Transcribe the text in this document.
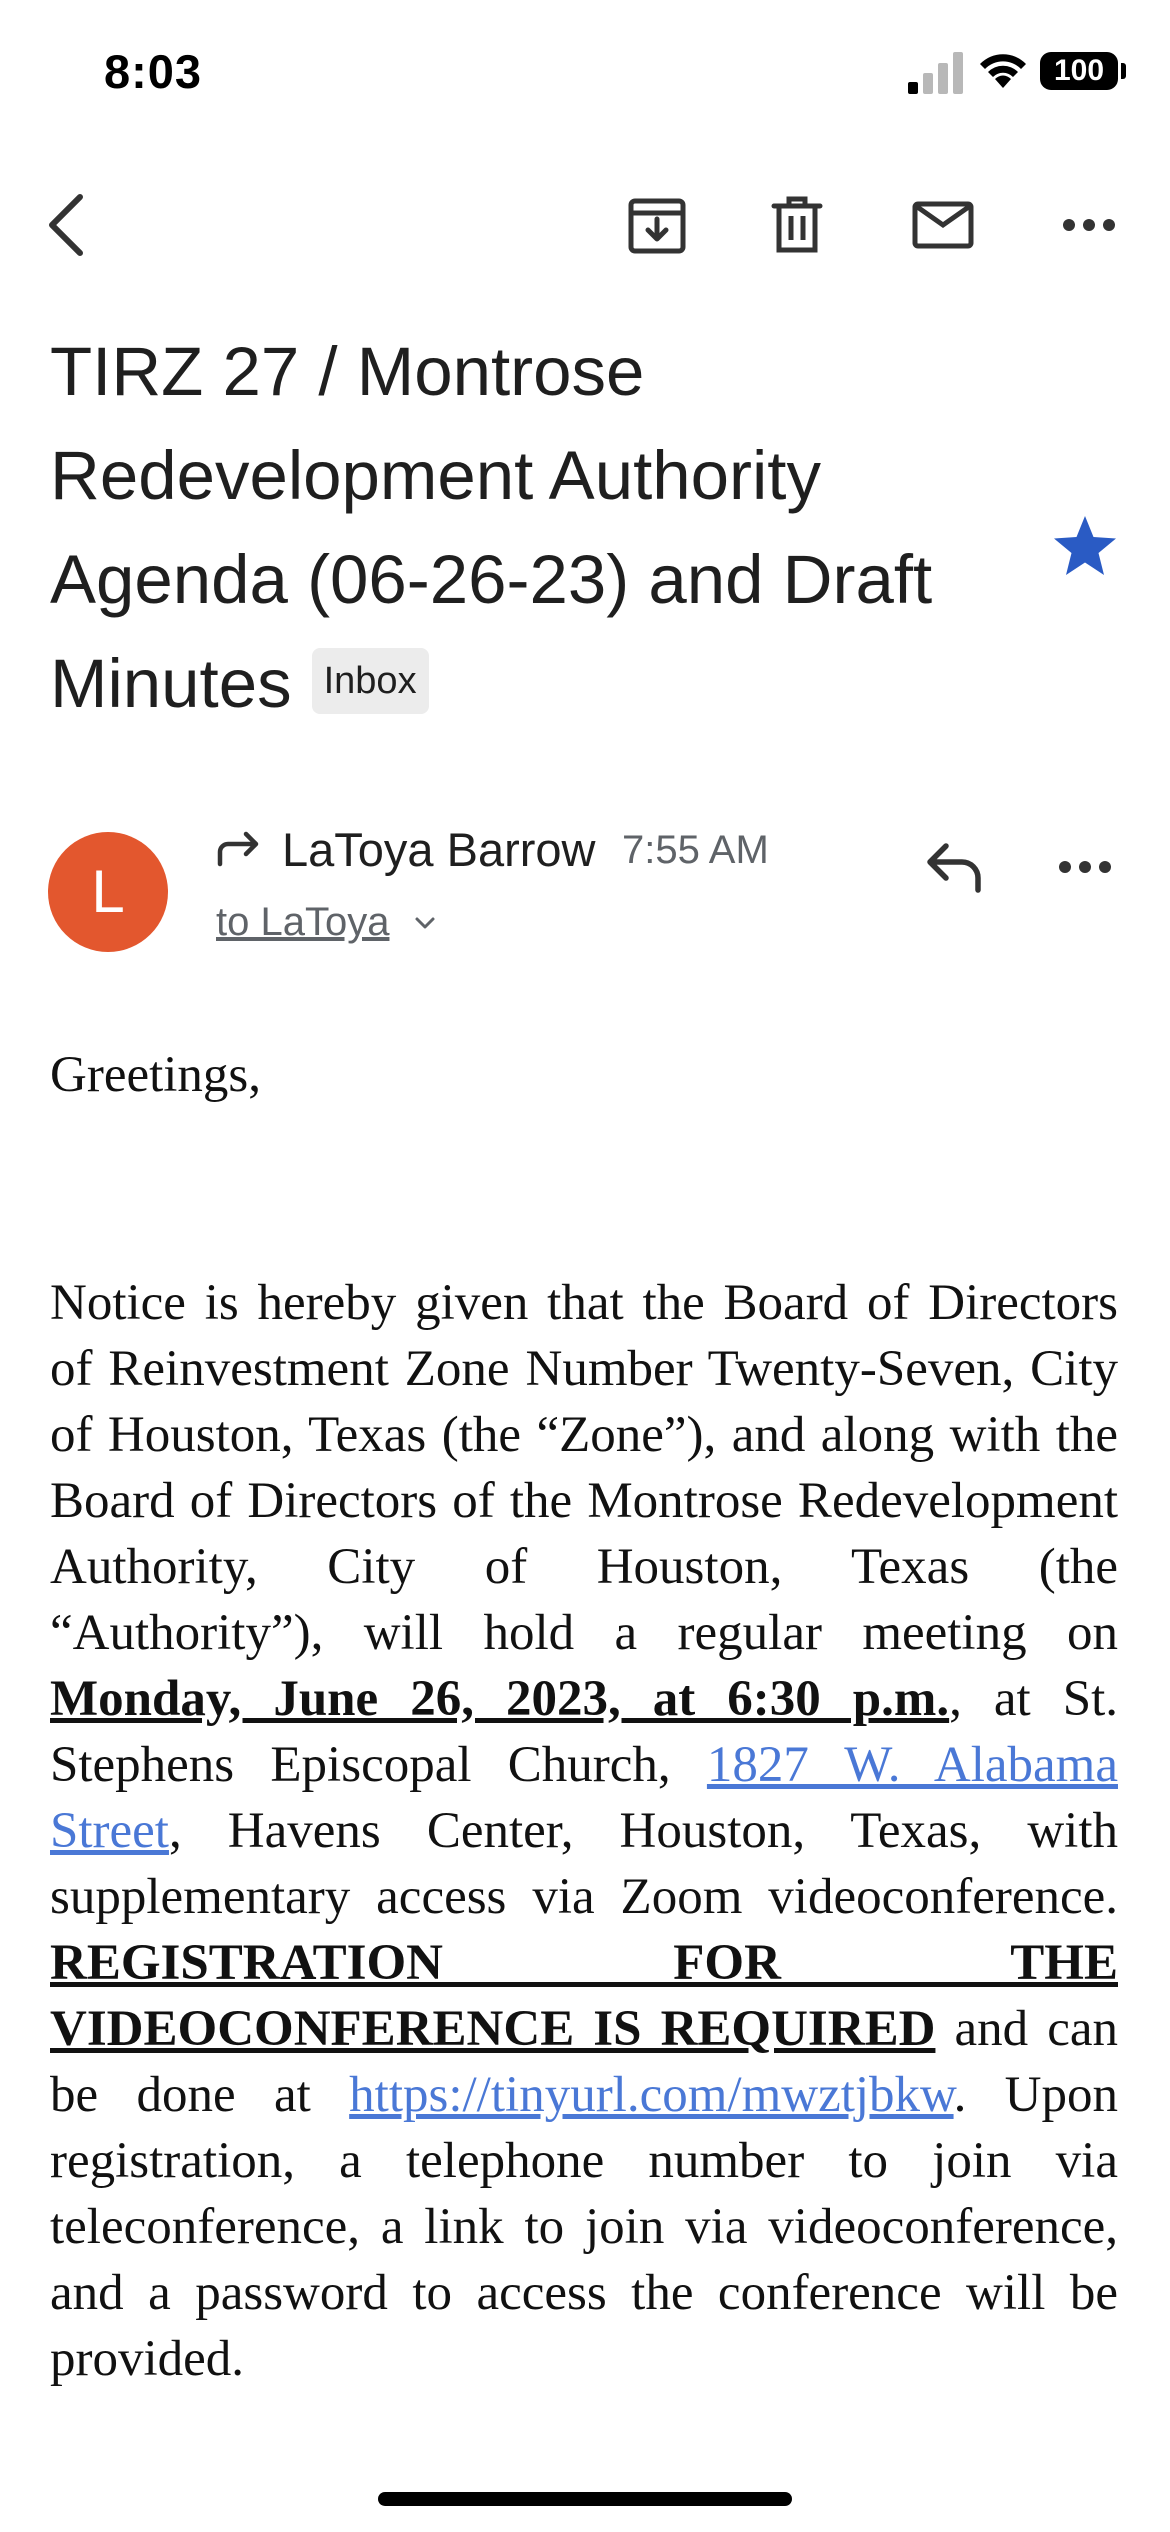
8:03	100
TIRZ 27 / Montrose Redevelopment Authority Agenda (06-26-23) and Draft Minutes Inbox
L
LaToya Barrow 7:55 AM
to LaToya

Greetings,

Notice is hereby given that the Board of Directors of Reinvestment Zone Number Twenty-Seven, City of Houston, Texas (the “Zone”), and along with the Board of Directors of the Montrose Redevelopment Authority, City of Houston, Texas (the “Authority”), will hold a regular meeting on Monday, June 26, 2023, at 6:30 p.m., at St. Stephens Episcopal Church, 1827 W. Alabama Street, Havens Center, Houston, Texas, with supplementary access via Zoom videoconference. REGISTRATION FOR THE VIDEOCONFERENCE IS REQUIRED and can be done at https://tinyurl.com/mwztjbkw. Upon registration, a telephone number to join via teleconference, a link to join via videoconference, and a password to access the conference will be provided.
